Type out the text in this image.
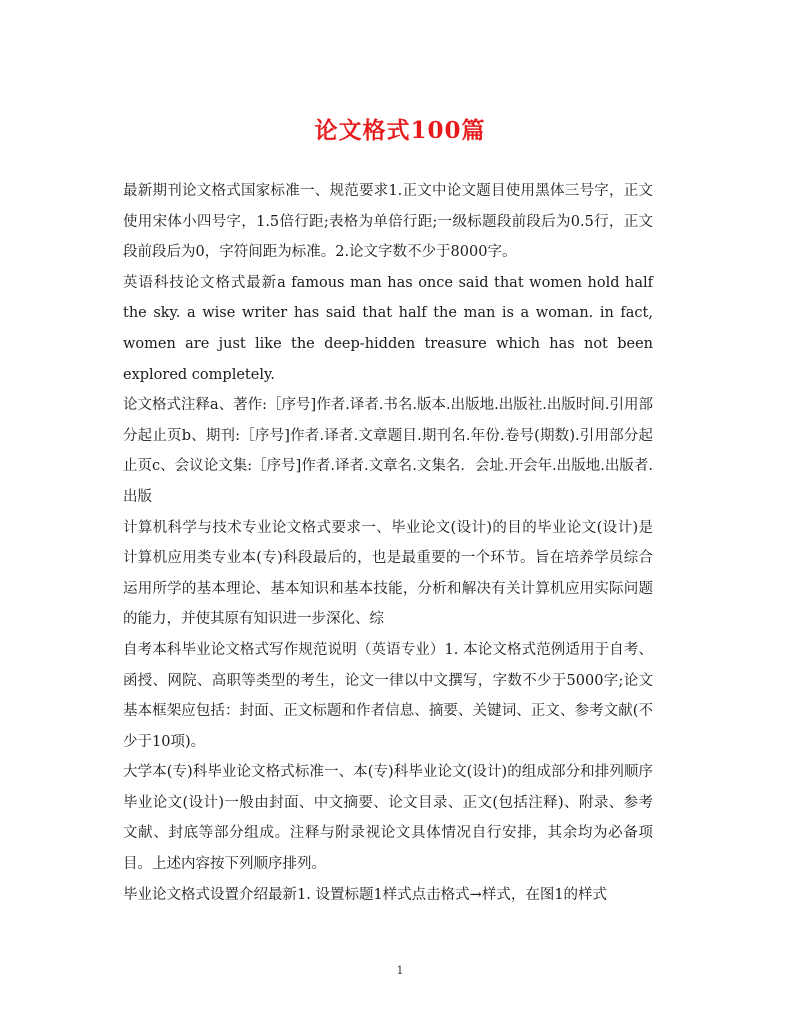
论文格式100篇

最新期刊论文格式国家标准一、规范要求1.正文中论文题目使用黑体三号字，正文使用宋体小四号字，1.5倍行距;表格为单倍行距;一级标题段前段后为0.5行，正文段前段后为0，字符间距为标准。2.论文字数不少于8000字。

英语科技论文格式最新a famous man has once said that women hold half the sky. a wise writer has said that half the man is a woman. in fact, women are just like the deep-hidden treasure which has not been explored completely.

论文格式注释a、著作:［序号]作者.译者.书名.版本.出版地.出版社.出版时间.引用部分起止页b、期刊:［序号]作者.译者.文章题目.期刊名.年份.卷号(期数).引用部分起止页c、会议论文集:［序号]作者.译者.文章名.文集名．会址.开会年.出版地.出版者.出版

计算机科学与技术专业论文格式要求一、毕业论文(设计)的目的毕业论文(设计)是计算机应用类专业本(专)科段最后的，也是最重要的一个环节。旨在培养学员综合运用所学的基本理论、基本知识和基本技能，分析和解决有关计算机应用实际问题的能力，并使其原有知识进一步深化、综

自考本科毕业论文格式写作规范说明（英语专业）1. 本论文格式范例适用于自考、函授、网院、高职等类型的考生，论文一律以中文撰写，字数不少于5000字;论文基本框架应包括：封面、正文标题和作者信息、摘要、关键词、正文、参考文献(不少于10项)。

大学本(专)科毕业论文格式标准一、本(专)科毕业论文(设计)的组成部分和排列顺序毕业论文(设计)一般由封面、中文摘要、论文目录、正文(包括注释)、附录、参考文献、封底等部分组成。注释与附录视论文具体情况自行安排，其余均为必备项目。上述内容按下列顺序排列。

毕业论文格式设置介绍最新1. 设置标题1样式点击格式→样式，在图1的样式

1
